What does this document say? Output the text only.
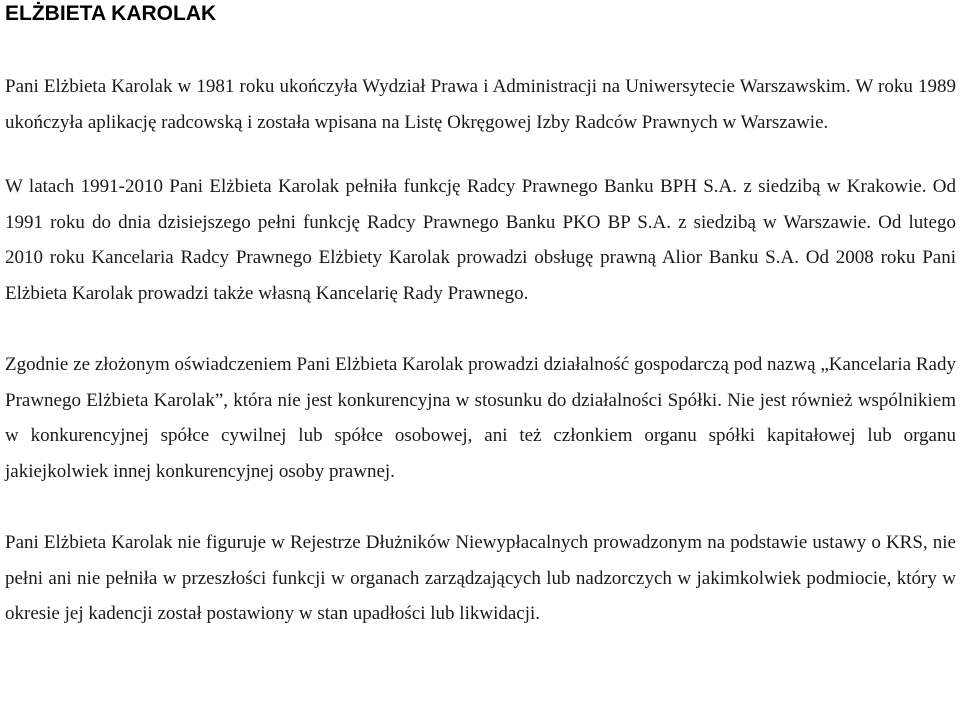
ELŻBIETA KAROLAK

Pani Elżbieta Karolak w 1981 roku ukończyła Wydział Prawa i Administracji na Uniwersytecie Warszawskim. W roku 1989 ukończyła aplikację radcowską i została wpisana na Listę Okręgowej Izby Radców Prawnych w Warszawie.

W latach 1991-2010 Pani Elżbieta Karolak pełniła funkcję Radcy Prawnego Banku BPH S.A. z siedzibą w Krakowie. Od 1991 roku do dnia dzisiejszego pełni funkcję Radcy Prawnego Banku PKO BP S.A. z siedzibą w Warszawie. Od lutego 2010 roku Kancelaria Radcy Prawnego Elżbiety Karolak prowadzi obsługę prawną Alior Banku S.A. Od 2008 roku Pani Elżbieta Karolak prowadzi także własną Kancelarię Rady Prawnego.

Zgodnie ze złożonym oświadczeniem Pani Elżbieta Karolak prowadzi działalność gospodarczą pod nazwą „Kancelaria Rady Prawnego Elżbieta Karolak”, która nie jest konkurencyjna w stosunku do działalności Spółki. Nie jest również wspólnikiem w konkurencyjnej spółce cywilnej lub spółce osobowej, ani też członkiem organu spółki kapitałowej lub organu jakiejkolwiek innej konkurencyjnej osoby prawnej.

Pani Elżbieta Karolak nie figuruje w Rejestrze Dłużników Niewypłacalnych prowadzonym na podstawie ustawy o KRS, nie pełni ani nie pełniła w przeszłości funkcji w organach zarządzających lub nadzorczych w jakimkolwiek podmiocie, który w okresie jej kadencji został postawiony w stan upadłości lub likwidacji.
